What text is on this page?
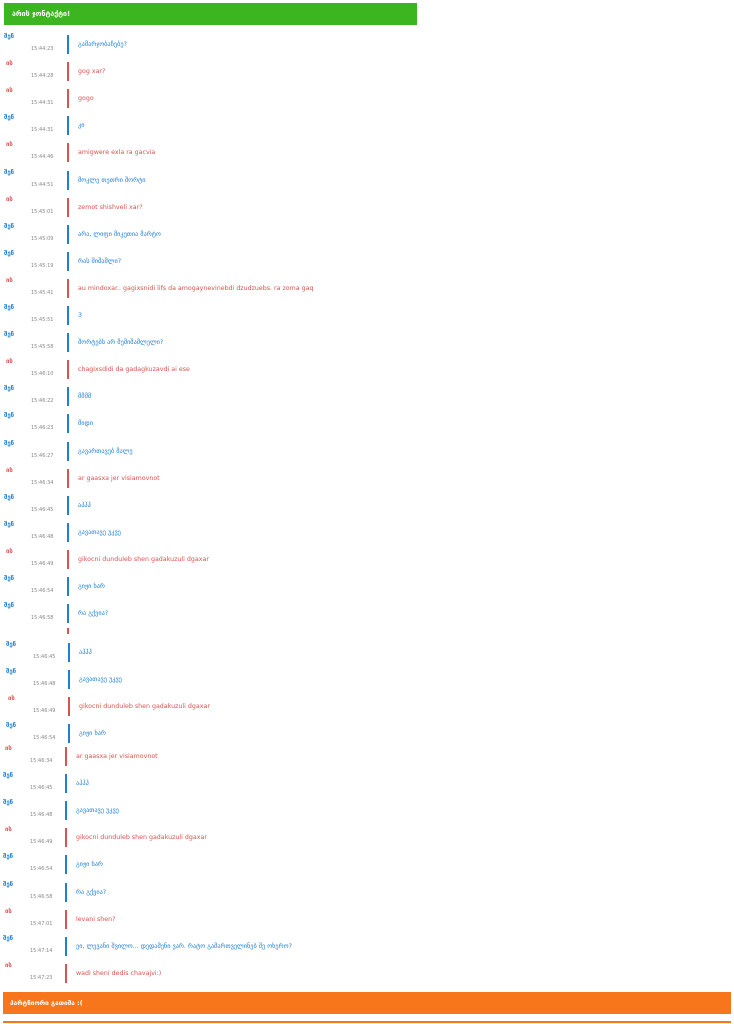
არის ჯონტაქტი!
შენ
15:44:23
გამარჯობაჩებე?
ის
15:44:28
gog xar?
ის
15:44:31
gogo
შენ
15:44:31
კი
ის
15:44:46
amigwere exla ra gacvia
შენ
15:44:51
მოკლე თეთრი შორტი
ის
15:45:01
zemot shishveli xar?
შენ
15:45:09
არა, ლიფი მიკეთია მარტო
შენ
15:45:19
რას შიშამლი?
ის
15:45:41
au mindoxar.. gagixsnidi lifs da amogaynevinebdi dzudzuebs. ra zoma gaq
შენ
15:45:51
3
შენ
15:45:58
შორტებს არ მეშიშამლელი?
ის
15:46:10
chagixsdidi da gadagkuzavdi ai ese
შენ
15:46:22
მმმმ
შენ
15:46:23
მიდი
შენ
15:46:27
გავართავებ მალე
ის
15:46:34
ar gaasxa jer visiamovnot
შენ
15:46:45
აჰჰჰ
შენ
15:46:48
გავათავე უკვე
ის
15:46:49
gikocni dunduleb shen gadakuzuli dgaxar
შენ
15:46:54
გიჟი ხარ
შენ
15:46:58
რა გქვია?
შენ
15:46:45
აჰჰჰ
შენ
15:46:48
გავათავე უკვე
ის
15:46:49
gikocni dunduleb shen gadakuzuli dgaxar
შენ
15:46:54
გიჟი ხარ
ის
15:46:34
ar gaasxa jer visiamovnot
შენ
15:46:45
აჰჰჰ
შენ
15:46:48
გავათავე უკვე
ის
15:46:49
gikocni dunduleb shen gadakuzuli dgaxar
შენ
15:46:54
გიჟი ხარ
შენ
15:46:58
რა გქვია?
ის
15:47:01
levani shen?
შენ
15:47:14
ეი, ლევანი შვილო... დედამენი ვარ. რატო გამართველინებ შე ოხერო?
ის
15:47:23
wadi sheni dedis chavajvi:)
პარტნიორი გათიშა :(
